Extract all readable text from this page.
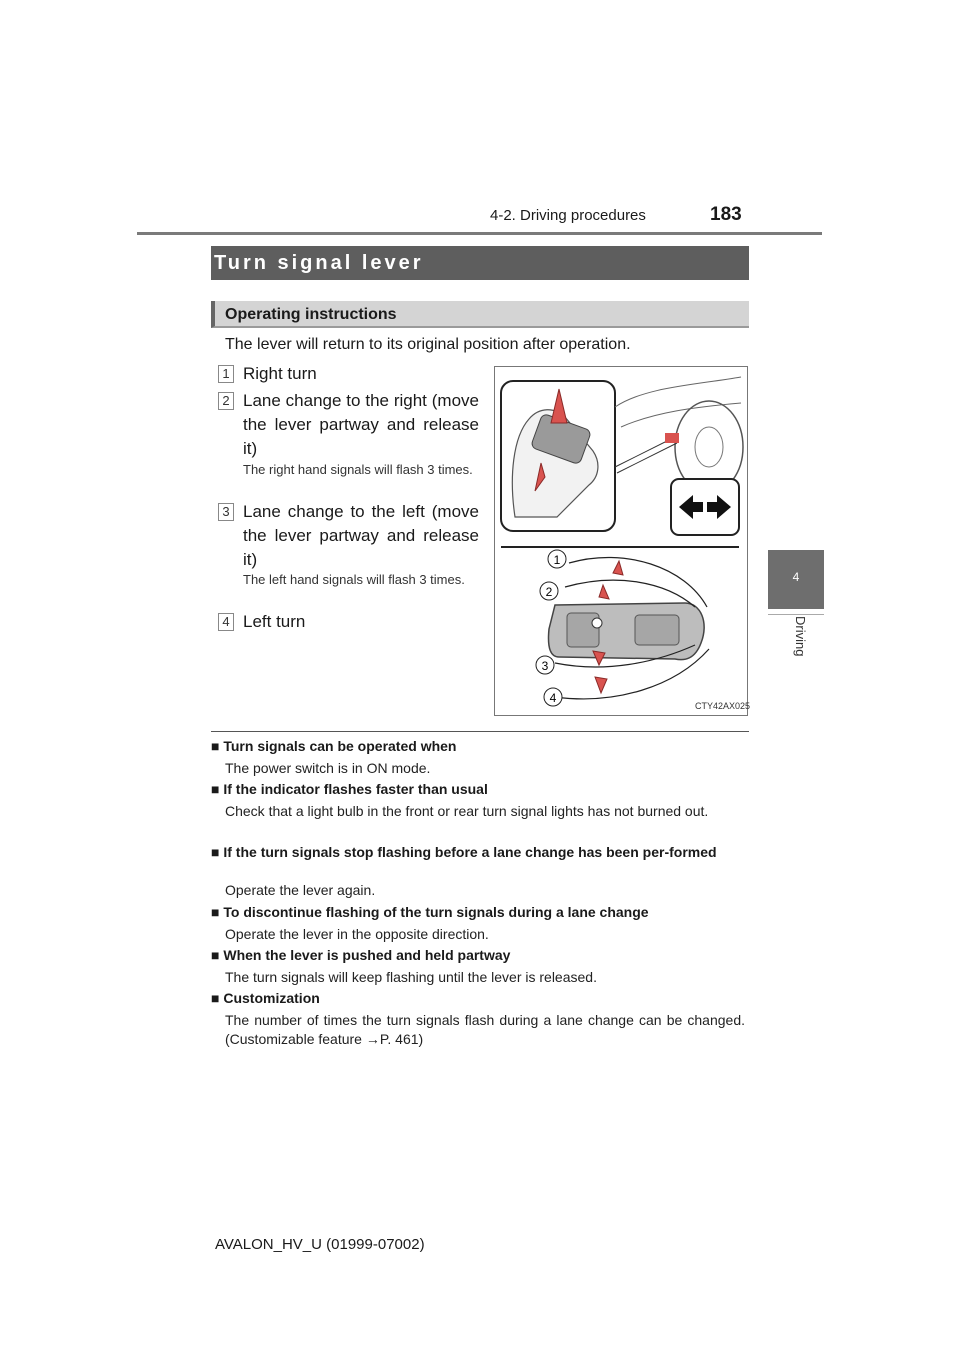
4-2. Driving procedures	183
4
Driving
Turn signal lever
Operating instructions
The lever will return to its original position after operation.
1 Right turn
2 Lane change to the right (move the lever partway and release it)
The right hand signals will flash 3 times.
3 Lane change to the left (move the lever partway and release it)
The left hand signals will flash 3 times.
4 Left turn
1
2
3
4
CTY42AX025
■ Turn signals can be operated when
The power switch is in ON mode.
■ If the indicator flashes faster than usual
Check that a light bulb in the front or rear turn signal lights has not burned out.
■ If the turn signals stop flashing before a lane change has been per-formed
Operate the lever again.
■ To discontinue flashing of the turn signals during a lane change
Operate the lever in the opposite direction.
■ When the lever is pushed and held partway
The turn signals will keep flashing until the lever is released.
■ Customization
The number of times the turn signals flash during a lane change can be changed. (Customizable feature →P. 461)
AVALON_HV_U (01999-07002)
